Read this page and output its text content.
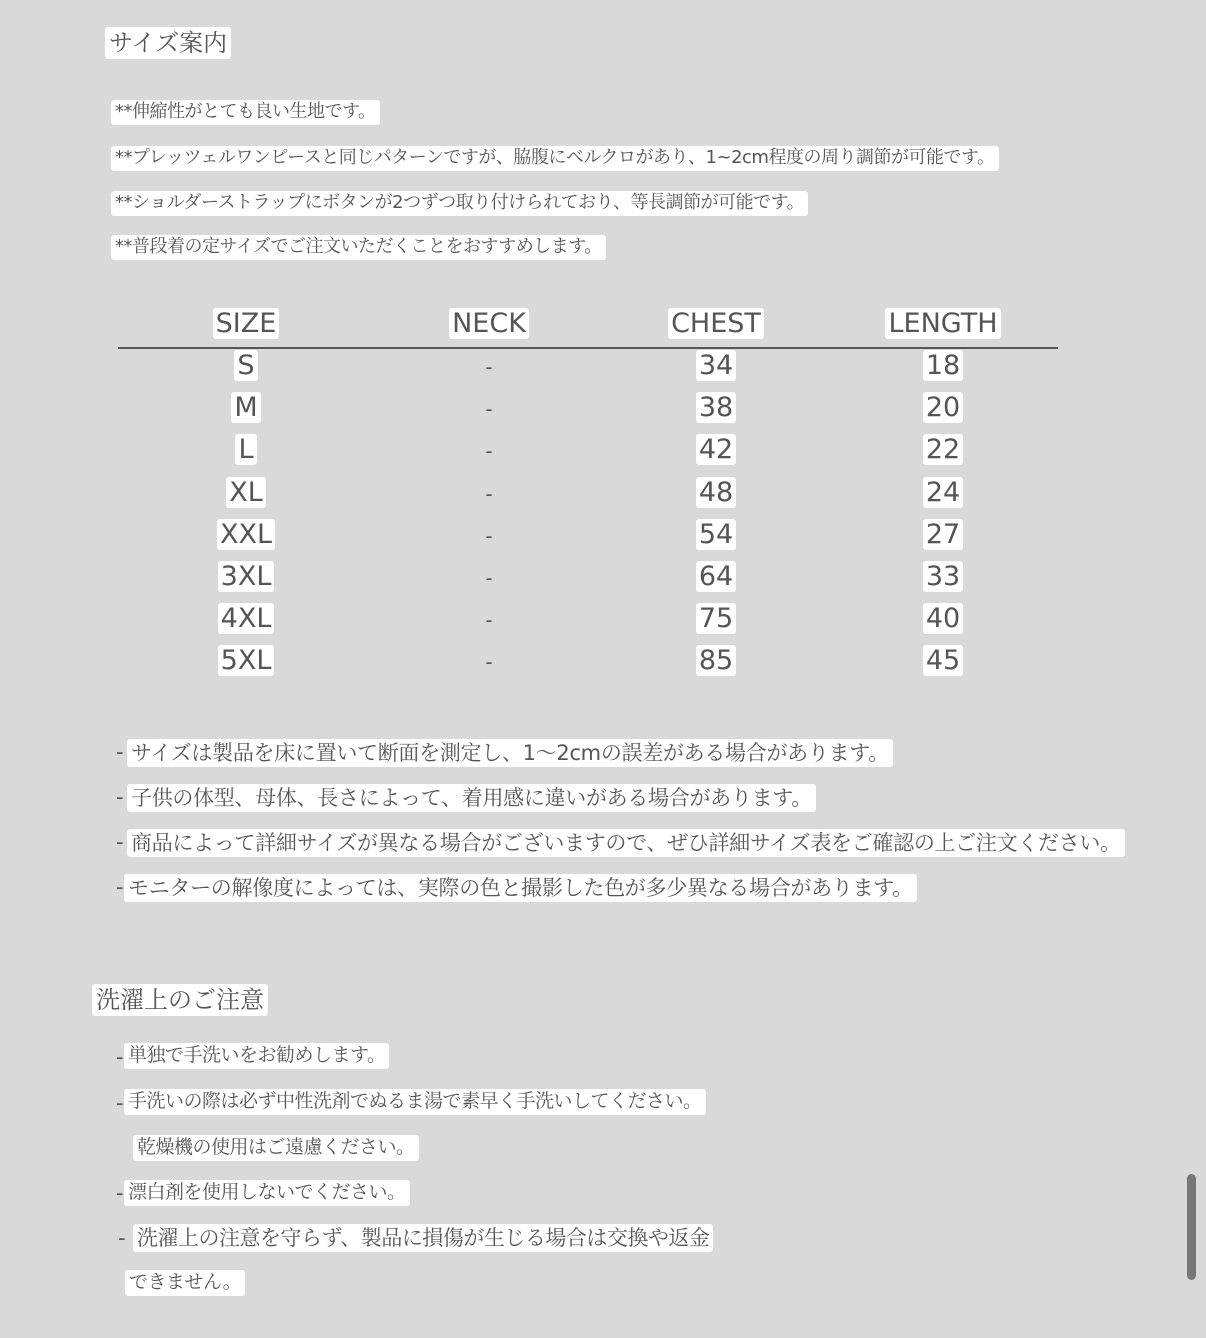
サイズ案内
**伸縮性がとても良い生地です。
**プレッツェルワンピースと同じパターンですが、脇腹にベルクロがあり、1~2cm程度の周り調節が可能です。
**ショルダーストラップにボタンが2つずつ取り付けられており、等長調節が可能です。
**普段着の定サイズでご注文いただくことをおすすめします。
SIZE	NECK	CHEST	LENGTH
S	-	34	18
M	-	38	20
L	-	42	22
XL	-	48	24
XXL	-	54	27
3XL	-	64	33
4XL	-	75	40
5XL	-	85	45
- サイズは製品を床に置いて断面を測定し、1～2cmの誤差がある場合があります。
- 子供の体型、母体、長さによって、着用感に違いがある場合があります。
- 商品によって詳細サイズが異なる場合がございますので、ぜひ詳細サイズ表をご確認の上ご注文ください。
- モニターの解像度によっては、実際の色と撮影した色が多少異なる場合があります。
洗濯上のご注意
- 単独で手洗いをお勧めします。
- 手洗いの際は必ず中性洗剤でぬるま湯で素早く手洗いしてください。
乾燥機の使用はご遠慮ください。
- 漂白剤を使用しないでください。
- 洗濯上の注意を守らず、製品に損傷が生じる場合は交換や返金
できません。
